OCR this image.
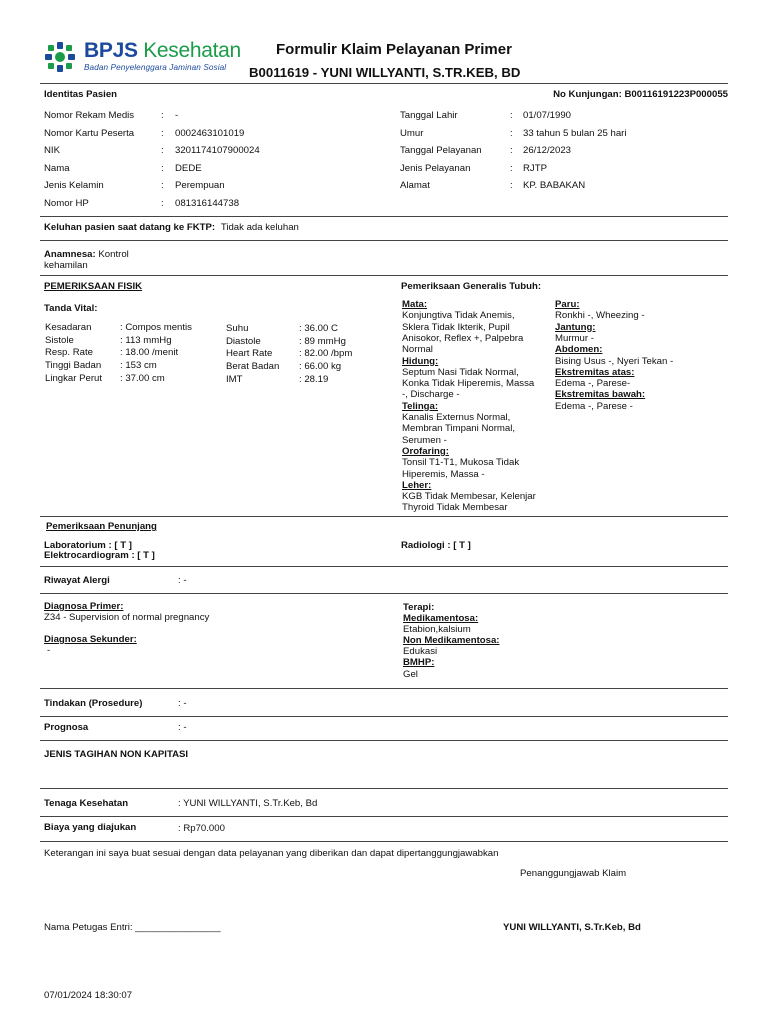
BPJS Kesehatan
Badan Penyelenggara Jaminan Sosial
Formulir Klaim Pelayanan Primer
B0011619 - YUNI WILLYANTI, S.TR.KEB, BD
Identitas Pasien	No Kunjungan: B00116191223P000055
Nomor Rekam Medis	: -
Nomor Kartu Peserta	: 0002463101019
NIK	: 3201174107900024
Nama	: DEDE
Jenis Kelamin	: Perempuan
Nomor HP	: 081316144738
Tanggal Lahir	: 01/07/1990
Umur	: 33 tahun 5 bulan 25 hari
Tanggal Pelayanan	: 26/12/2023
Jenis Pelayanan	: RJTP
Alamat	: KP. BABAKAN
Keluhan pasien saat datang ke FKTP: Tidak ada keluhan
Anamnesa: Kontrol
kehamilan
PEMERIKSAAN FISIK	Pemeriksaan Generalis Tubuh:
Tanda Vital:
Kesadaran	: Compos mentis
Sistole	: 113 mmHg
Resp. Rate	: 18.00 /menit
Tinggi Badan : 153 cm
Lingkar Perut : 37.00 cm
Suhu	: 36.00 C
Diastole	: 89 mmHg
Heart Rate	: 82.00 /bpm
Berat Badan : 66.00 kg
IMT	: 28.19
Mata:
Konjungtiva Tidak Anemis,
Sklera Tidak Ikterik, Pupil
Anisokor, Reflex +, Palpebra
Normal
Hidung:
Septum Nasi Tidak Normal,
Konka Tidak Hiperemis, Massa
-, Discharge -
Telinga:
Kanalis Externus Normal,
Membran Timpani Normal,
Serumen -
Orofaring:
Tonsil T1-T1, Mukosa Tidak
Hiperemis, Massa -
Leher:
KGB Tidak Membesar, Kelenjar
Thyroid Tidak Membesar
Paru:
Ronkhi -, Wheezing -
Jantung:
Murmur -
Abdomen:
Bising Usus -, Nyeri Tekan -
Ekstremitas atas:
Edema -, Parese-
Ekstremitas bawah:
Edema -, Parese -
Pemeriksaan Penunjang
Laboratorium : [ T ]
Elektrocardiogram : [ T ]
Radiologi : [ T ]
Riwayat Alergi	: -
Diagnosa Primer:
Z34 - Supervision of normal pregnancy
Diagnosa Sekunder:
-
Terapi:
Medikamentosa:
Etabion,kalsium
Non Medikamentosa:
Edukasi
BMHP:
Gel
Tindakan (Prosedure)	: -
Prognosa	: -
JENIS TAGIHAN NON KAPITASI
Tenaga Kesehatan	: YUNI WILLYANTI, S.Tr.Keb, Bd
Biaya yang diajukan	: Rp70.000
Keterangan ini saya buat sesuai dengan data pelayanan yang diberikan dan dapat dipertanggungjawabkan
Penanggungjawab Klaim
Nama Petugas Entri: ________________	YUNI WILLYANTI, S.Tr.Keb, Bd
07/01/2024 18:30:07
